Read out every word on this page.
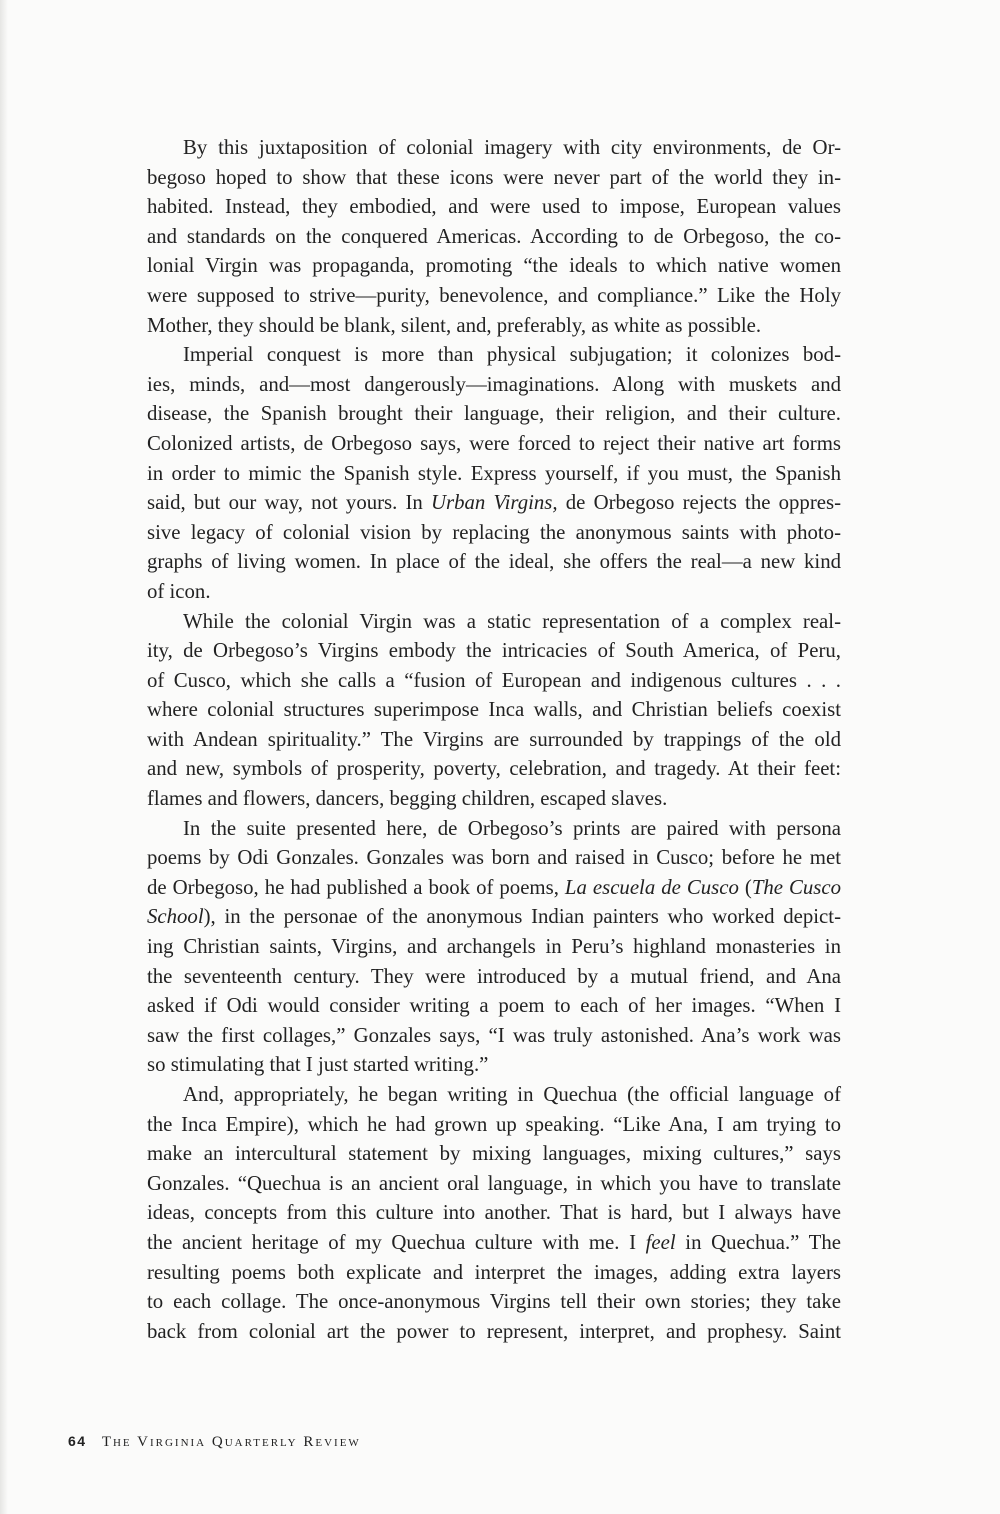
By this juxtaposition of colonial imagery with city environments, de Or-
begoso hoped to show that these icons were never part of the world they in-
habited. Instead, they embodied, and were used to impose, European values
and standards on the conquered Americas. According to de Orbegoso, the co-
lonial Virgin was propaganda, promoting “the ideals to which native women
were supposed to strive—purity, benevolence, and compliance.” Like the Holy
Mother, they should be blank, silent, and, preferably, as white as possible.
Imperial conquest is more than physical subjugation; it colonizes bod-
ies, minds, and—most dangerously—imaginations. Along with muskets and
disease, the Spanish brought their language, their religion, and their culture.
Colonized artists, de Orbegoso says, were forced to reject their native art forms
in order to mimic the Spanish style. Express yourself, if you must, the Spanish
said, but our way, not yours. In Urban Virgins, de Orbegoso rejects the oppres-
sive legacy of colonial vision by replacing the anonymous saints with photo-
graphs of living women. In place of the ideal, she offers the real—a new kind
of icon.
While the colonial Virgin was a static representation of a complex real-
ity, de Orbegoso’s Virgins embody the intricacies of South America, of Peru,
of Cusco, which she calls a “fusion of European and indigenous cultures . . .
where colonial structures superimpose Inca walls, and Christian beliefs coexist
with Andean spirituality.” The Virgins are surrounded by trappings of the old
and new, symbols of prosperity, poverty, celebration, and tragedy. At their feet:
flames and flowers, dancers, begging children, escaped slaves.
In the suite presented here, de Orbegoso’s prints are paired with persona
poems by Odi Gonzales. Gonzales was born and raised in Cusco; before he met
de Orbegoso, he had published a book of poems, La escuela de Cusco (The Cusco
School), in the personae of the anonymous Indian painters who worked depict-
ing Christian saints, Virgins, and archangels in Peru’s highland monasteries in
the seventeenth century. They were introduced by a mutual friend, and Ana
asked if Odi would consider writing a poem to each of her images. “When I
saw the first collages,” Gonzales says, “I was truly astonished. Ana’s work was
so stimulating that I just started writing.”
And, appropriately, he began writing in Quechua (the official language of
the Inca Empire), which he had grown up speaking. “Like Ana, I am trying to
make an intercultural statement by mixing languages, mixing cultures,” says
Gonzales. “Quechua is an ancient oral language, in which you have to translate
ideas, concepts from this culture into another. That is hard, but I always have
the ancient heritage of my Quechua culture with me. I feel in Quechua.” The
resulting poems both explicate and interpret the images, adding extra layers
to each collage. The once-anonymous Virgins tell their own stories; they take
back from colonial art the power to represent, interpret, and prophesy. Saint
64 The Virginia Quarterly Review
